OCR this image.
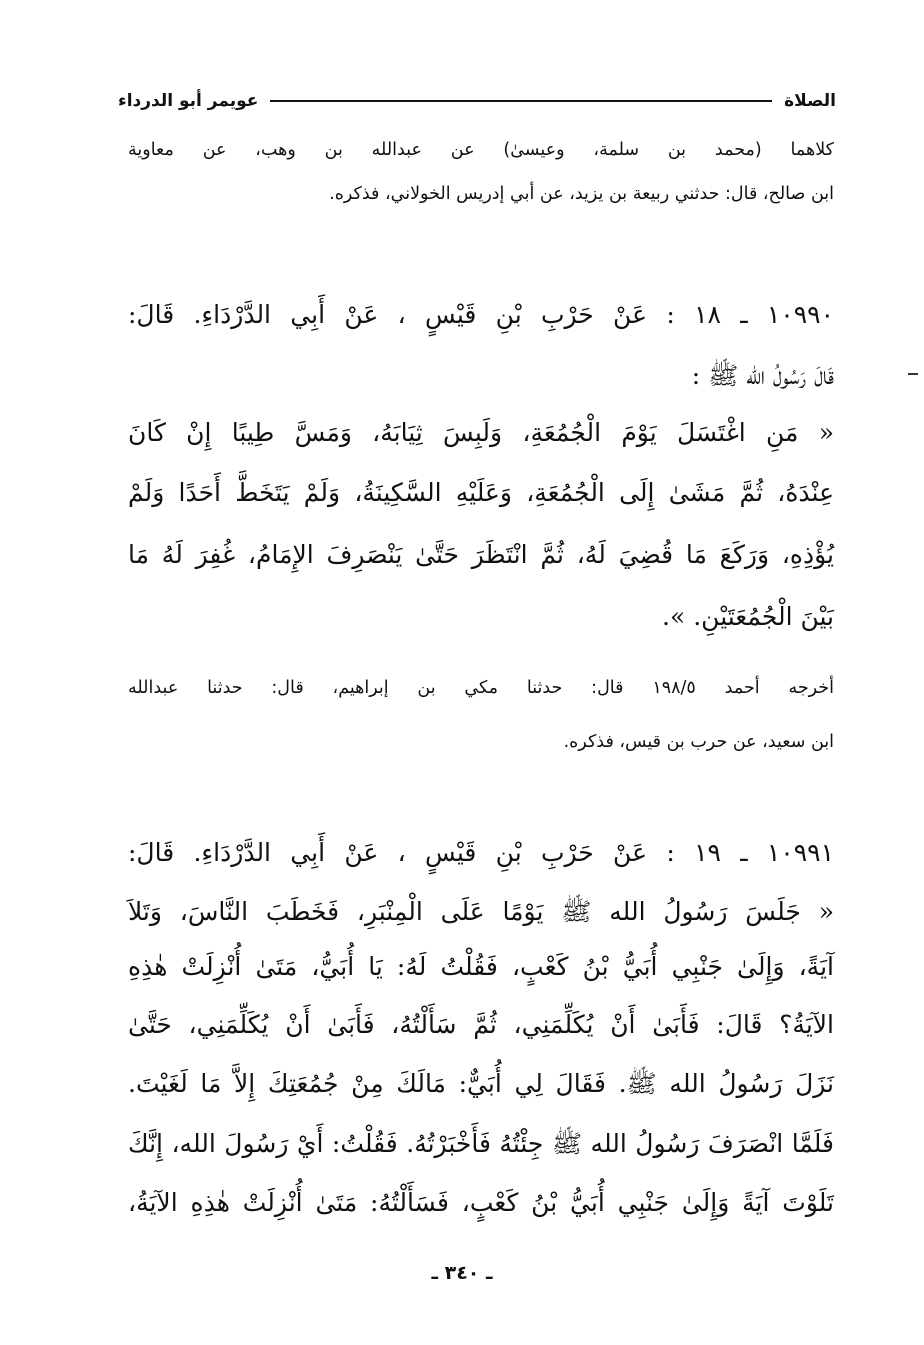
الصلاة
عويمر أبو الدرداء
كلاهما (محمد بن سلمة، وعيسىٰ) عن عبدالله بن وهب، عن معاوية
ابن صالح، قال: حدثني ربيعة بن يزيد، عن أبي إدريس الخولاني، فذكره.
١٠٩٩٠ ـ ١٨ : عَنْ حَرْبِ بْنِ قَيْسٍ ، عَنْ أَبِي الدَّرْدَاءِ. قَالَ:
قَالَ رَسُولُ الله ﷺ :
« مَنِ اغْتَسَلَ يَوْمَ الْجُمُعَةِ، وَلَبِسَ ثِيَابَهُ، وَمَسَّ طِيبًا إِنْ كَانَ
عِنْدَهُ، ثُمَّ مَشَىٰ إِلَى الْجُمُعَةِ، وَعَلَيْهِ السَّكِينَةُ، وَلَمْ يَتَخَطَّ أَحَدًا وَلَمْ
يُؤْذِهِ، وَرَكَعَ مَا قُضِيَ لَهُ، ثُمَّ انْتَظَرَ حَتَّىٰ يَنْصَرِفَ الإِمَامُ، غُفِرَ لَهُ مَا
بَيْنَ الْجُمُعَتَيْنِ. ».
أخرجه أحمد ١٩٨/٥ قال: حدثنا مكي بن إبراهيم، قال: حدثنا عبدالله
ابن سعيد، عن حرب بن قيس، فذكره.
١٠٩٩١ ـ ١٩ : عَنْ حَرْبِ بْنِ قَيْسٍ ، عَنْ أَبِي الدَّرْدَاءِ. قَالَ:
« جَلَسَ رَسُولُ الله ﷺ يَوْمًا عَلَى الْمِنْبَرِ، فَخَطَبَ النَّاسَ، وَتَلاَ
آيَةً، وَإِلَىٰ جَنْبِي أُبَيُّ بْنُ كَعْبٍ، فَقُلْتُ لَهُ: يَا أُبَيُّ، مَتَىٰ أُنْزِلَتْ هٰذِهِ
الآيَةُ؟ قَالَ: فَأَبَىٰ أَنْ يُكَلِّمَنِي، ثُمَّ سَأَلْتُهُ، فَأَبَىٰ أَنْ يُكَلِّمَنِي، حَتَّىٰ
نَزَلَ رَسُولُ الله ﷺ. فَقَالَ لِي أُبَيٌّ: مَالَكَ مِنْ جُمُعَتِكَ إِلاَّ مَا لَغَيْتَ.
فَلَمَّا انْصَرَفَ رَسُولُ الله ﷺ جِئْتُهُ فَأَخْبَرْتُهُ. فَقُلْتُ: أَيْ رَسُولَ الله، إِنَّكَ
تَلَوْتَ آيَةً وَإِلَىٰ جَنْبِي أُبَيُّ بْنُ كَعْبٍ، فَسَأَلْتُهُ: مَتَىٰ أُنْزِلَتْ هٰذِهِ الآيَةُ،
ـ ٣٤٠ ـ
